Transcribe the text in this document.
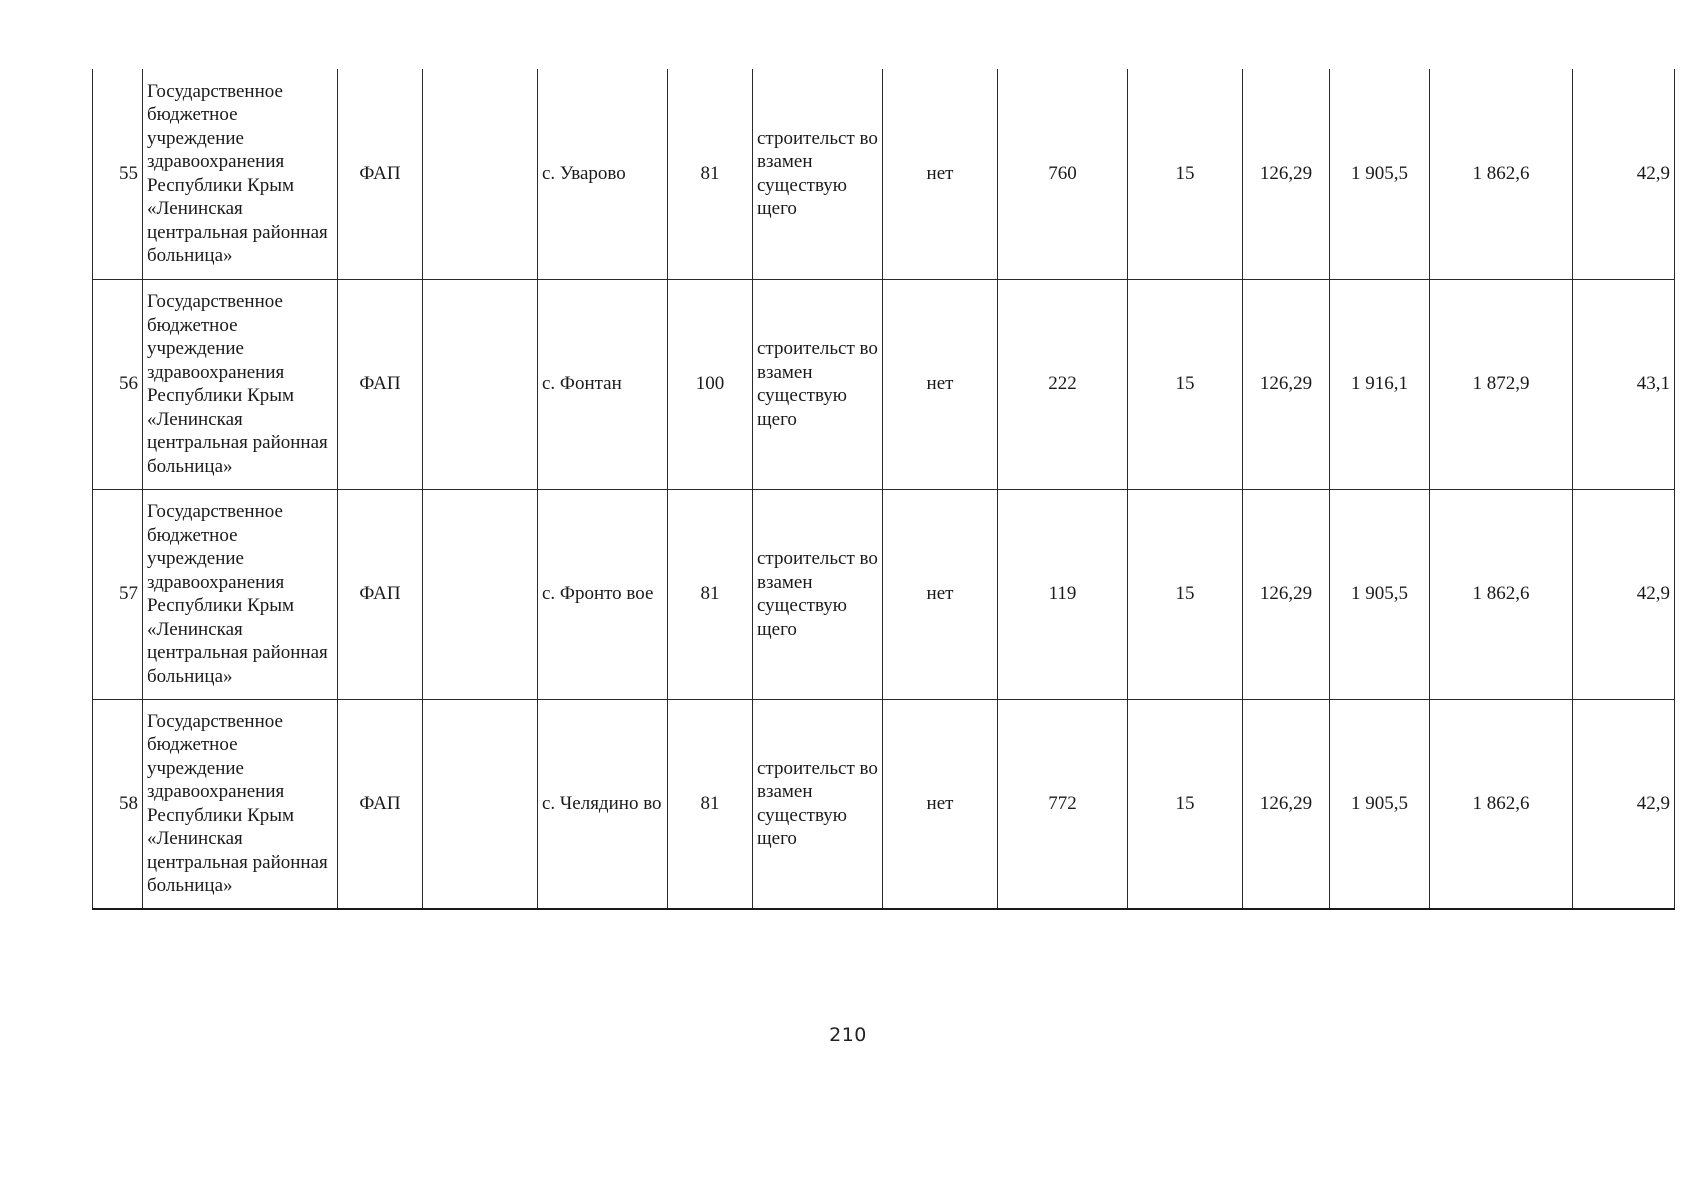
55	Государственное бюджетное учреждение здравоохранения Республики Крым «Ленинская центральная районная больница»	ФАП		с. Уварово	81	строительст во взамен существую щего	нет	760	15	126,29	1 905,5	1 862,6	42,9
56	Государственное бюджетное учреждение здравоохранения Республики Крым «Ленинская центральная районная больница»	ФАП		с. Фонтан	100	строительст во взамен существую щего	нет	222	15	126,29	1 916,1	1 872,9	43,1
57	Государственное бюджетное учреждение здравоохранения Республики Крым «Ленинская центральная районная больница»	ФАП		с. Фронто вое	81	строительст во взамен существую щего	нет	119	15	126,29	1 905,5	1 862,6	42,9
58	Государственное бюджетное учреждение здравоохранения Республики Крым «Ленинская центральная районная больница»	ФАП		с. Челядино во	81	строительст во взамен существую щего	нет	772	15	126,29	1 905,5	1 862,6	42,9
210
